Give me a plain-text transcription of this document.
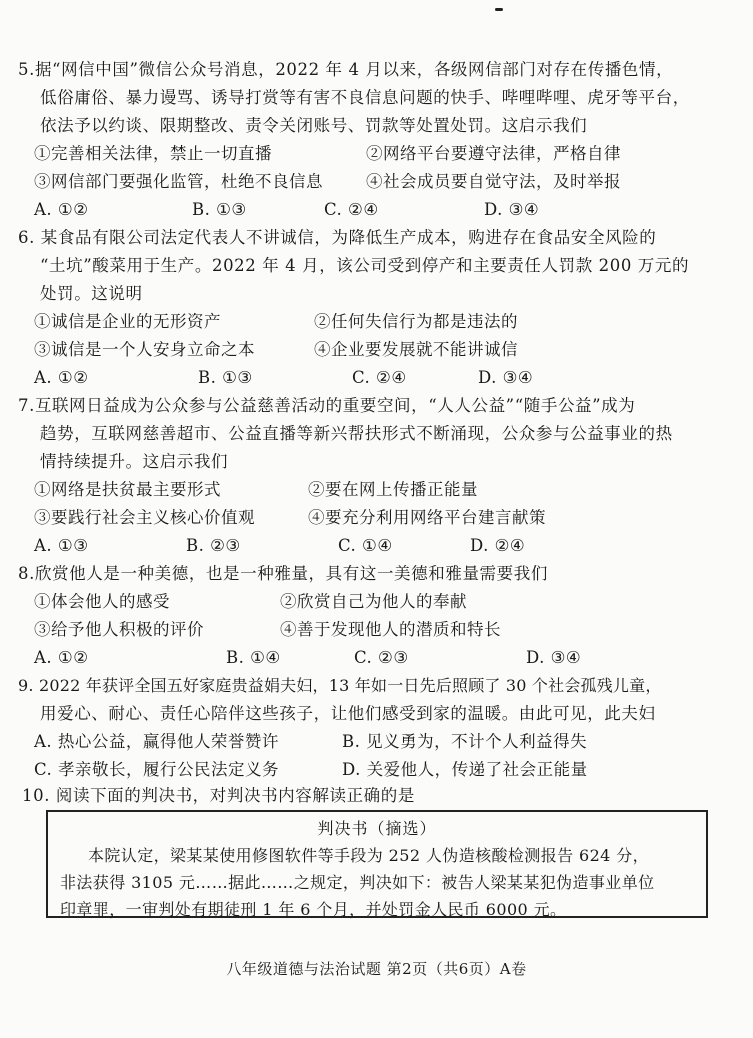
5.据“网信中国”微信公众号消息，2022 年 4 月以来，各级网信部门对存在传播色情，
低俗庸俗、暴力谩骂、诱导打赏等有害不良信息问题的快手、哔哩哔哩、虎牙等平台，
依法予以约谈、限期整改、责令关闭账号、罚款等处置处罚。这启示我们
①完善相关法律，禁止一切直播	②网络平台要遵守法律，严格自律
③网信部门要强化监管，杜绝不良信息	④社会成员要自觉守法，及时举报
A. ①②	B. ①③	C. ②④	D. ③④
6. 某食品有限公司法定代表人不讲诚信，为降低生产成本，购进存在食品安全风险的
“土坑”酸菜用于生产。2022 年 4 月，该公司受到停产和主要责任人罚款 200 万元的
处罚。这说明
①诚信是企业的无形资产	②任何失信行为都是违法的
③诚信是一个人安身立命之本	④企业要发展就不能讲诚信
A. ①②	B. ①③	C. ②④	D. ③④
7.互联网日益成为公众参与公益慈善活动的重要空间，“人人公益”“随手公益”成为
趋势，互联网慈善超市、公益直播等新兴帮扶形式不断涌现，公众参与公益事业的热
情持续提升。这启示我们
①网络是扶贫最主要形式	②要在网上传播正能量
③要践行社会主义核心价值观	④要充分利用网络平台建言献策
A. ①③	B. ②③	C. ①④	D. ②④
8.欣赏他人是一种美德，也是一种雅量，具有这一美德和雅量需要我们
①体会他人的感受	②欣赏自己为他人的奉献
③给予他人积极的评价	④善于发现他人的潜质和特长
A. ①②	B. ①④	C. ②③	D. ③④
9. 2022 年获评全国五好家庭贵益娟夫妇，13 年如一日先后照顾了 30 个社会孤残儿童，
用爱心、耐心、责任心陪伴这些孩子，让他们感受到家的温暖。由此可见，此夫妇
A. 热心公益，赢得他人荣誉赞许	B. 见义勇为，不计个人利益得失
C. 孝亲敬长，履行公民法定义务	D. 关爱他人，传递了社会正能量
10. 阅读下面的判决书，对判决书内容解读正确的是
判决书（摘选）
本院认定，梁某某使用修图软件等手段为 252 人伪造核酸检测报告 624 分，
非法获得 3105 元……据此……之规定，判决如下：被告人梁某某犯伪造事业单位
印章罪，一审判处有期徒刑 1 年 6 个月，并处罚金人民币 6000 元。
八年级道德与法治试题 第2页（共6页）A卷
